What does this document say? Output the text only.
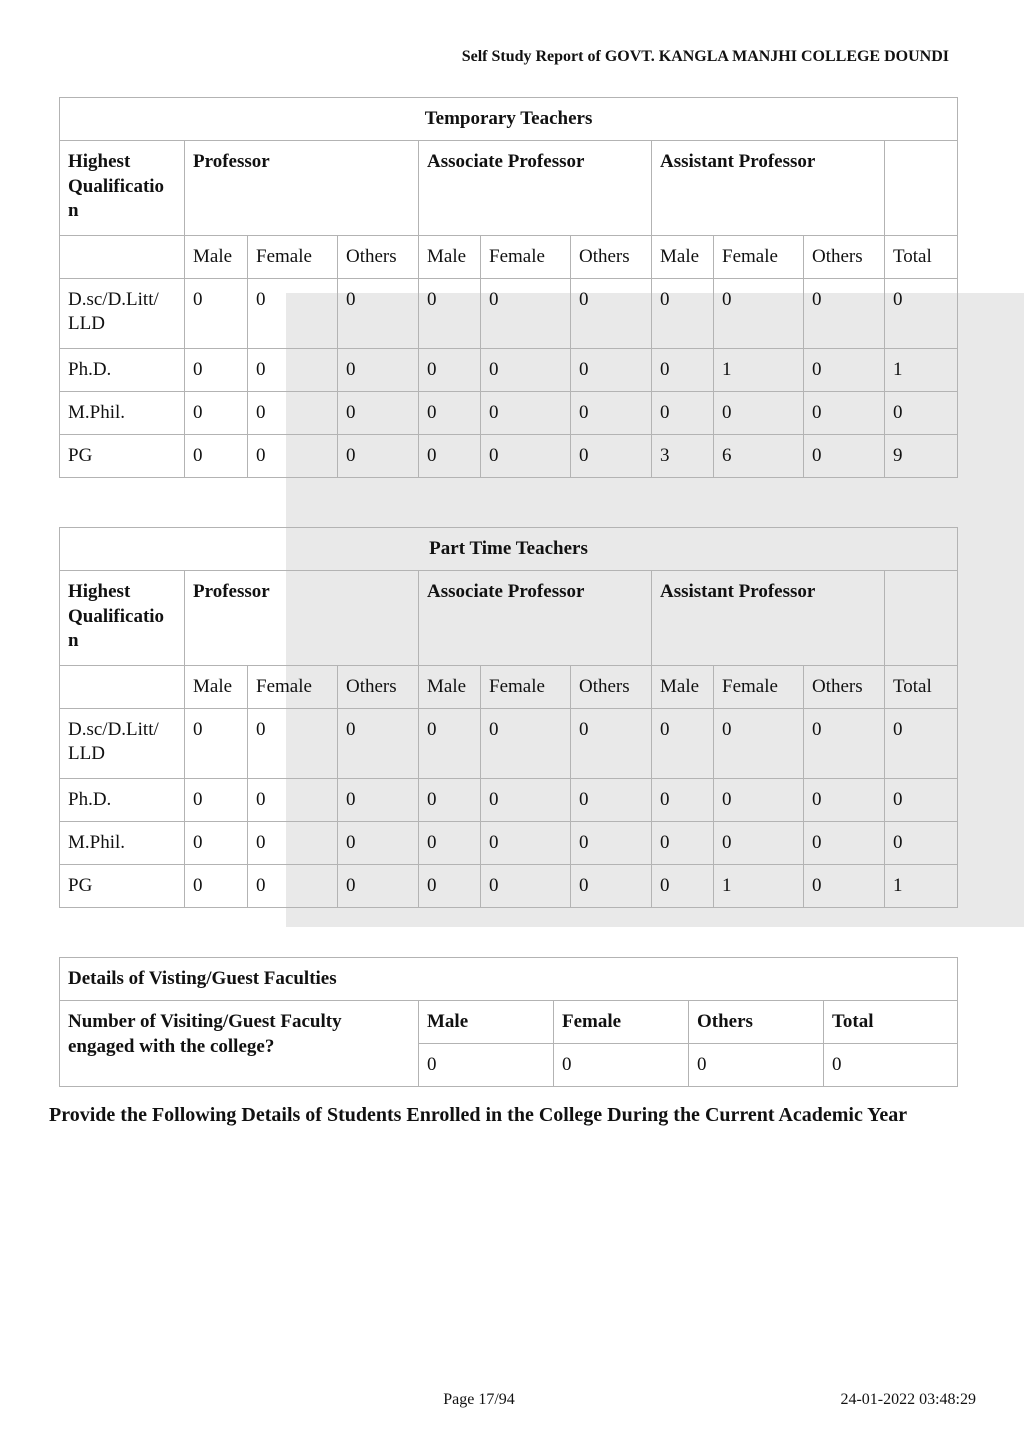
Self Study Report of GOVT. KANGLA MANJHI COLLEGE DOUNDI
Temporary Teachers										
Highest Qualificatio n	Professor			Associate Professor			Assistant Professor			
	Male	Female	Others	Male	Female	Others	Male	Female	Others	Total
D.sc/D.Litt/ LLD	0	0	0	0	0	0	0	0	0	0
Ph.D.	0	0	0	0	0	0	0	1	0	1
M.Phil.	0	0	0	0	0	0	0	0	0	0
PG	0	0	0	0	0	0	3	6	0	9
Part Time Teachers										
Highest Qualificatio n	Professor			Associate Professor			Assistant Professor			
	Male	Female	Others	Male	Female	Others	Male	Female	Others	Total
D.sc/D.Litt/ LLD	0	0	0	0	0	0	0	0	0	0
Ph.D.	0	0	0	0	0	0	0	0	0	0
M.Phil.	0	0	0	0	0	0	0	0	0	0
PG	0	0	0	0	0	0	0	1	0	1
Details of Visting/Guest Faculties				
Number of Visiting/Guest Faculty engaged with the college?	Male	Female	Others	Total
	0	0	0	0
Provide the Following Details of Students Enrolled in the College During the Current Academic Year
Page 17/94	24-01-2022 03:48:29
